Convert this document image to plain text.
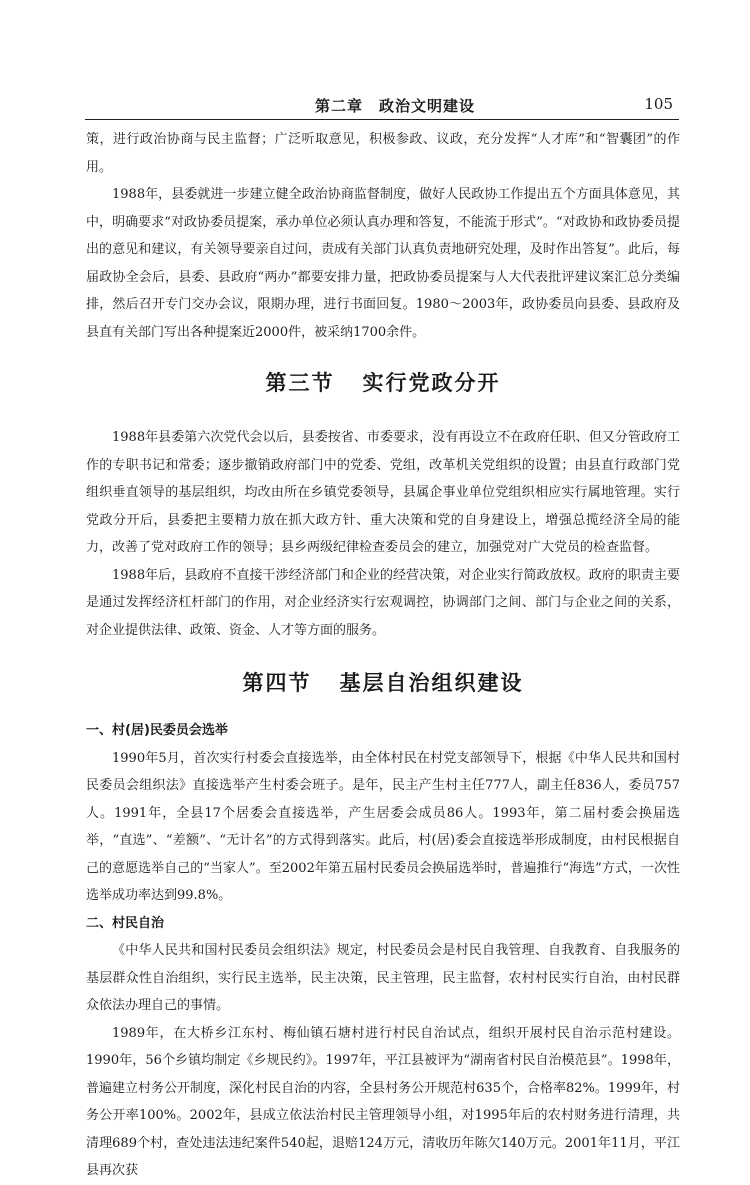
第二章　政治文明建设	105

策，进行政治协商与民主监督；广泛听取意见，积极参政、议政，充分发挥“人才库”和“智囊团”的作用。

1988年，县委就进一步建立健全政治协商监督制度，做好人民政协工作提出五个方面具体意见，其中，明确要求“对政协委员提案，承办单位必须认真办理和答复，不能流于形式”。“对政协和政协委员提出的意见和建议，有关领导要亲自过问，责成有关部门认真负责地研究处理，及时作出答复”。此后，每届政协全会后，县委、县政府“两办”都要安排力量，把政协委员提案与人大代表批评建议案汇总分类编排，然后召开专门交办会议，限期办理，进行书面回复。1980～2003年，政协委员向县委、县政府及县直有关部门写出各种提案近2000件，被采纳1700余件。

第三节 实行党政分开

1988年县委第六次党代会以后，县委按省、市委要求，没有再设立不在政府任职、但又分管政府工作的专职书记和常委；逐步撤销政府部门中的党委、党组，改革机关党组织的设置；由县直行政部门党组织垂直领导的基层组织，均改由所在乡镇党委领导，县属企事业单位党组织相应实行属地管理。实行党政分开后，县委把主要精力放在抓大政方针、重大决策和党的自身建设上，增强总揽经济全局的能力，改善了党对政府工作的领导；县乡两级纪律检查委员会的建立，加强党对广大党员的检查监督。

1988年后，县政府不直接干涉经济部门和企业的经营决策，对企业实行简政放权。政府的职责主要是通过发挥经济杠杆部门的作用，对企业经济实行宏观调控，协调部门之间、部门与企业之间的关系，对企业提供法律、政策、资金、人才等方面的服务。

第四节 基层自治组织建设
一、村(居)民委员会选举

1990年5月，首次实行村委会直接选举，由全体村民在村党支部领导下，根据《中华人民共和国村民委员会组织法》直接选举产生村委会班子。是年，民主产生村主任777人，副主任836人，委员757人。1991年，全县17个居委会直接选举，产生居委会成员86人。1993年，第二届村委会换届选举，“直选”、“差额”、“无计名”的方式得到落实。此后，村(居)委会直接选举形成制度，由村民根据自己的意愿选举自己的“当家人”。至2002年第五届村民委员会换届选举时，普遍推行“海选”方式，一次性选举成功率达到99.8%。

二、村民自治

《中华人民共和国村民委员会组织法》规定，村民委员会是村民自我管理、自我教育、自我服务的基层群众性自治组织，实行民主选举，民主决策，民主管理，民主监督，农村村民实行自治，由村民群众依法办理自己的事情。

1989年，在大桥乡江东村、梅仙镇石塘村进行村民自治试点，组织开展村民自治示范村建设。1990年，56个乡镇均制定《乡规民约》。1997年，平江县被评为“湖南省村民自治模范县”。1998年，普遍建立村务公开制度，深化村民自治的内容，全县村务公开规范村635个，合格率82%。1999年，村务公开率100%。2002年，县成立依法治村民主管理领导小组，对1995年后的农村财务进行清理，共清理689个村，查处违法违纪案件540起，退赔124万元，清收历年陈欠140万元。2001年11月，平江县再次获
